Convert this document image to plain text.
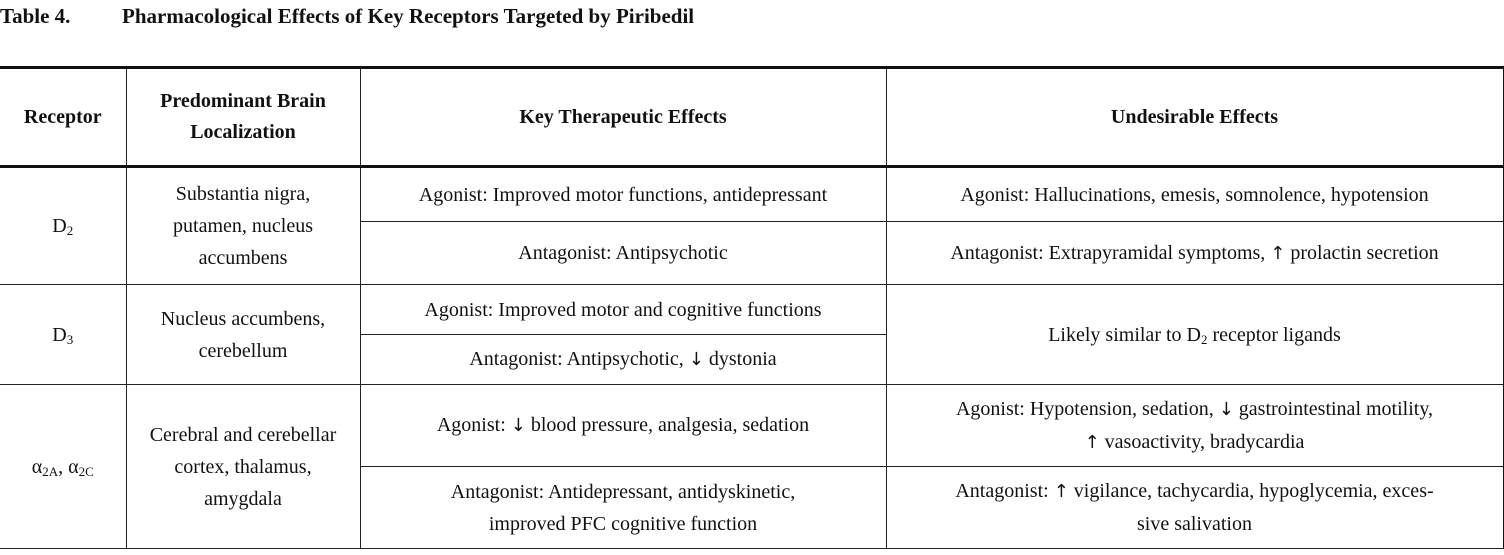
Table 4. Pharmacological Effects of Key Receptors Targeted by Piribedil
Receptor	Predominant Brain Localization	Key Therapeutic Effects	Undesirable Effects
$D_2$	Substantia nigra, putamen, nucleus accumbens	Agonist: Improved motor functions, antidepressant	Agonist: Hallucinations, emesis, somnolence, hypotension
		Antagonist: Antipsychotic	Antagonist: Extrapyramidal symptoms, ↑ prolactin secretion
$D_3$	Nucleus accumbens, cerebellum	Agonist: Improved motor and cognitive functions	Likely similar to $D_2$ receptor ligands
		Antagonist: Antipsychotic, ↓ dystonia	
$\alpha_{2A}$, $\alpha_{2C}$	Cerebral and cerebellar cortex, thalamus, amygdala	Agonist: ↓ blood pressure, analgesia, sedation	Agonist: Hypotension, sedation, ↓ gastrointestinal motility,
↑ vasoactivity, bradycardia
		Antagonist: Antidepressant, antidyskinetic, improved PFC cognitive function	Antagonist: ↑ vigilance, tachycardia, hypoglycemia, exces-
sive salivation
